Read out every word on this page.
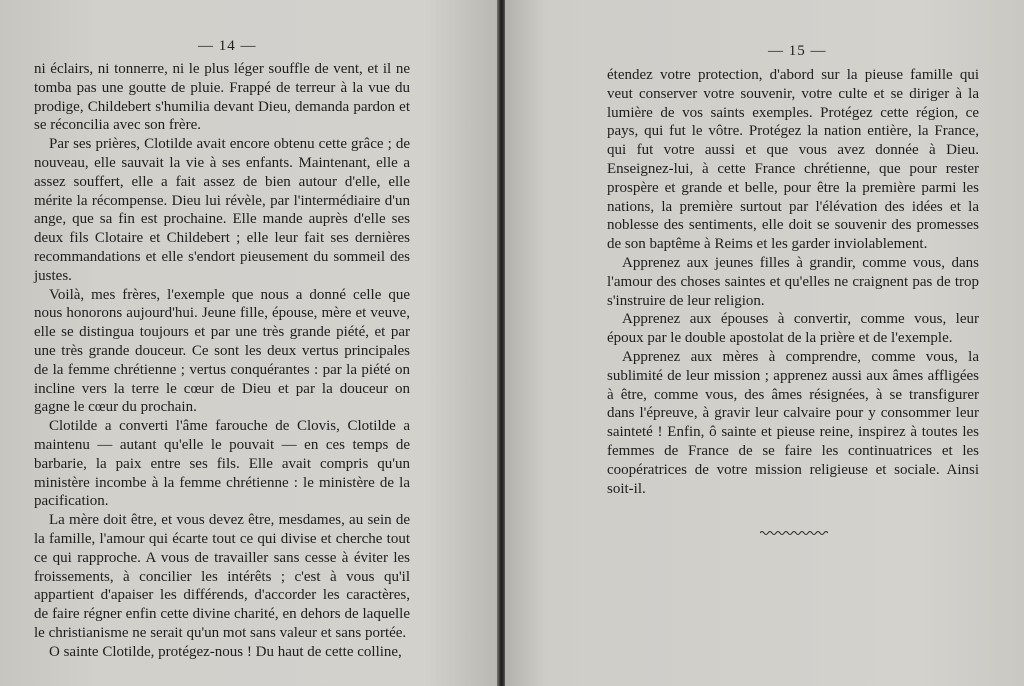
— 14 —

ni éclairs, ni tonnerre, ni le plus léger souffle de vent, et il ne tomba pas une goutte de pluie. Frappé de terreur à la vue du prodige, Childebert s'humilia devant Dieu, demanda pardon et se réconcilia avec son frère.

Par ses prières, Clotilde avait encore obtenu cette grâce ; de nouveau, elle sauvait la vie à ses enfants. Maintenant, elle a assez souffert, elle a fait assez de bien autour d'elle, elle mérite la récompense. Dieu lui révèle, par l'intermédiaire d'un ange, que sa fin est prochaine. Elle mande auprès d'elle ses deux fils Clotaire et Childebert ; elle leur fait ses dernières recommandations et elle s'endort pieusement du sommeil des justes.

Voilà, mes frères, l'exemple que nous a donné celle que nous honorons aujourd'hui. Jeune fille, épouse, mère et veuve, elle se distingua toujours et par une très grande piété, et par une très grande douceur. Ce sont les deux vertus principales de la femme chrétienne ; vertus conquérantes : par la piété on incline vers la terre le cœur de Dieu et par la douceur on gagne le cœur du prochain.

Clotilde a converti l'âme farouche de Clovis, Clotilde a maintenu — autant qu'elle le pouvait — en ces temps de barbarie, la paix entre ses fils. Elle avait compris qu'un ministère incombe à la femme chrétienne : le ministère de la pacification.

La mère doit être, et vous devez être, mesdames, au sein de la famille, l'amour qui écarte tout ce qui divise et cherche tout ce qui rapproche. A vous de travailler sans cesse à éviter les froissements, à concilier les intérêts ; c'est à vous qu'il appartient d'apaiser les différends, d'accorder les caractères, de faire régner enfin cette divine charité, en dehors de laquelle le christianisme ne serait qu'un mot sans valeur et sans portée.

O sainte Clotilde, protégez-nous ! Du haut de cette colline,

— 15 —

étendez votre protection, d'abord sur la pieuse famille qui veut conserver votre souvenir, votre culte et se diriger à la lumière de vos saints exemples. Protégez cette région, ce pays, qui fut le vôtre. Protégez la nation entière, la France, qui fut votre aussi et que vous avez donnée à Dieu. Enseignez-lui, à cette France chrétienne, que pour rester prospère et grande et belle, pour être la première parmi les nations, la première surtout par l'élévation des idées et la noblesse des sentiments, elle doit se souvenir des promesses de son baptême à Reims et les garder inviolablement.

Apprenez aux jeunes filles à grandir, comme vous, dans l'amour des choses saintes et qu'elles ne craignent pas de trop s'instruire de leur religion.

Apprenez aux épouses à convertir, comme vous, leur époux par le double apostolat de la prière et de l'exemple.

Apprenez aux mères à comprendre, comme vous, la sublimité de leur mission ; apprenez aussi aux âmes affligées à être, comme vous, des âmes résignées, à se transfigurer dans l'épreuve, à gravir leur calvaire pour y consommer leur sainteté ! Enfin, ô sainte et pieuse reine, inspirez à toutes les femmes de France de se faire les continuatrices et les coopératrices de votre mission religieuse et sociale. Ainsi soit-il.
